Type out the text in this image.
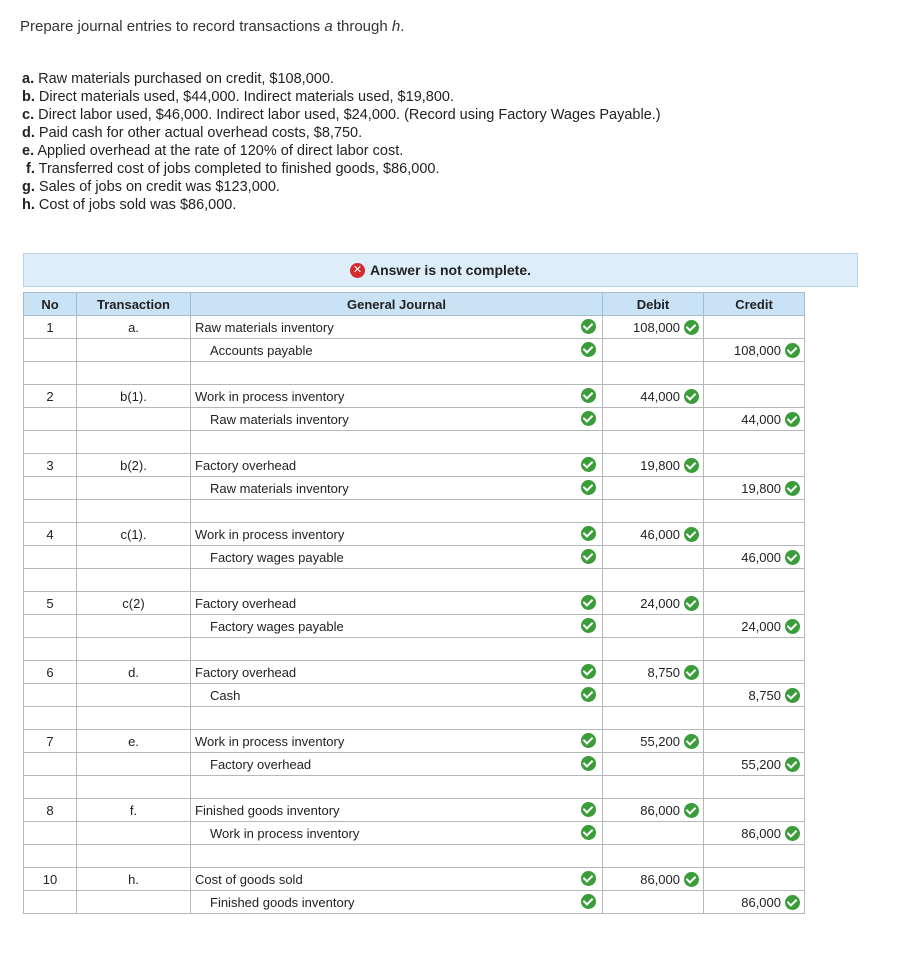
Prepare journal entries to record transactions a through h.
a. Raw materials purchased on credit, $108,000.
b. Direct materials used, $44,000. Indirect materials used, $19,800.
c. Direct labor used, $46,000. Indirect labor used, $24,000. (Record using Factory Wages Payable.)
d. Paid cash for other actual overhead costs, $8,750.
e. Applied overhead at the rate of 120% of direct labor cost.
f. Transferred cost of jobs completed to finished goods, $86,000.
g. Sales of jobs on credit was $123,000.
h. Cost of jobs sold was $86,000.
✕ Answer is not complete.
No	Transaction	General Journal	Debit	Credit
1	a.	Raw materials inventory	108,000	
		Accounts payable		108,000

2	b(1).	Work in process inventory	44,000	
		Raw materials inventory		44,000

3	b(2).	Factory overhead	19,800	
		Raw materials inventory		19,800

4	c(1).	Work in process inventory	46,000	
		Factory wages payable		46,000

5	c(2)	Factory overhead	24,000	
		Factory wages payable		24,000

6	d.	Factory overhead	8,750	
		Cash		8,750

7	e.	Work in process inventory	55,200	
		Factory overhead		55,200

8	f.	Finished goods inventory	86,000	
		Work in process inventory		86,000

10	h.	Cost of goods sold	86,000	
		Finished goods inventory		86,000
